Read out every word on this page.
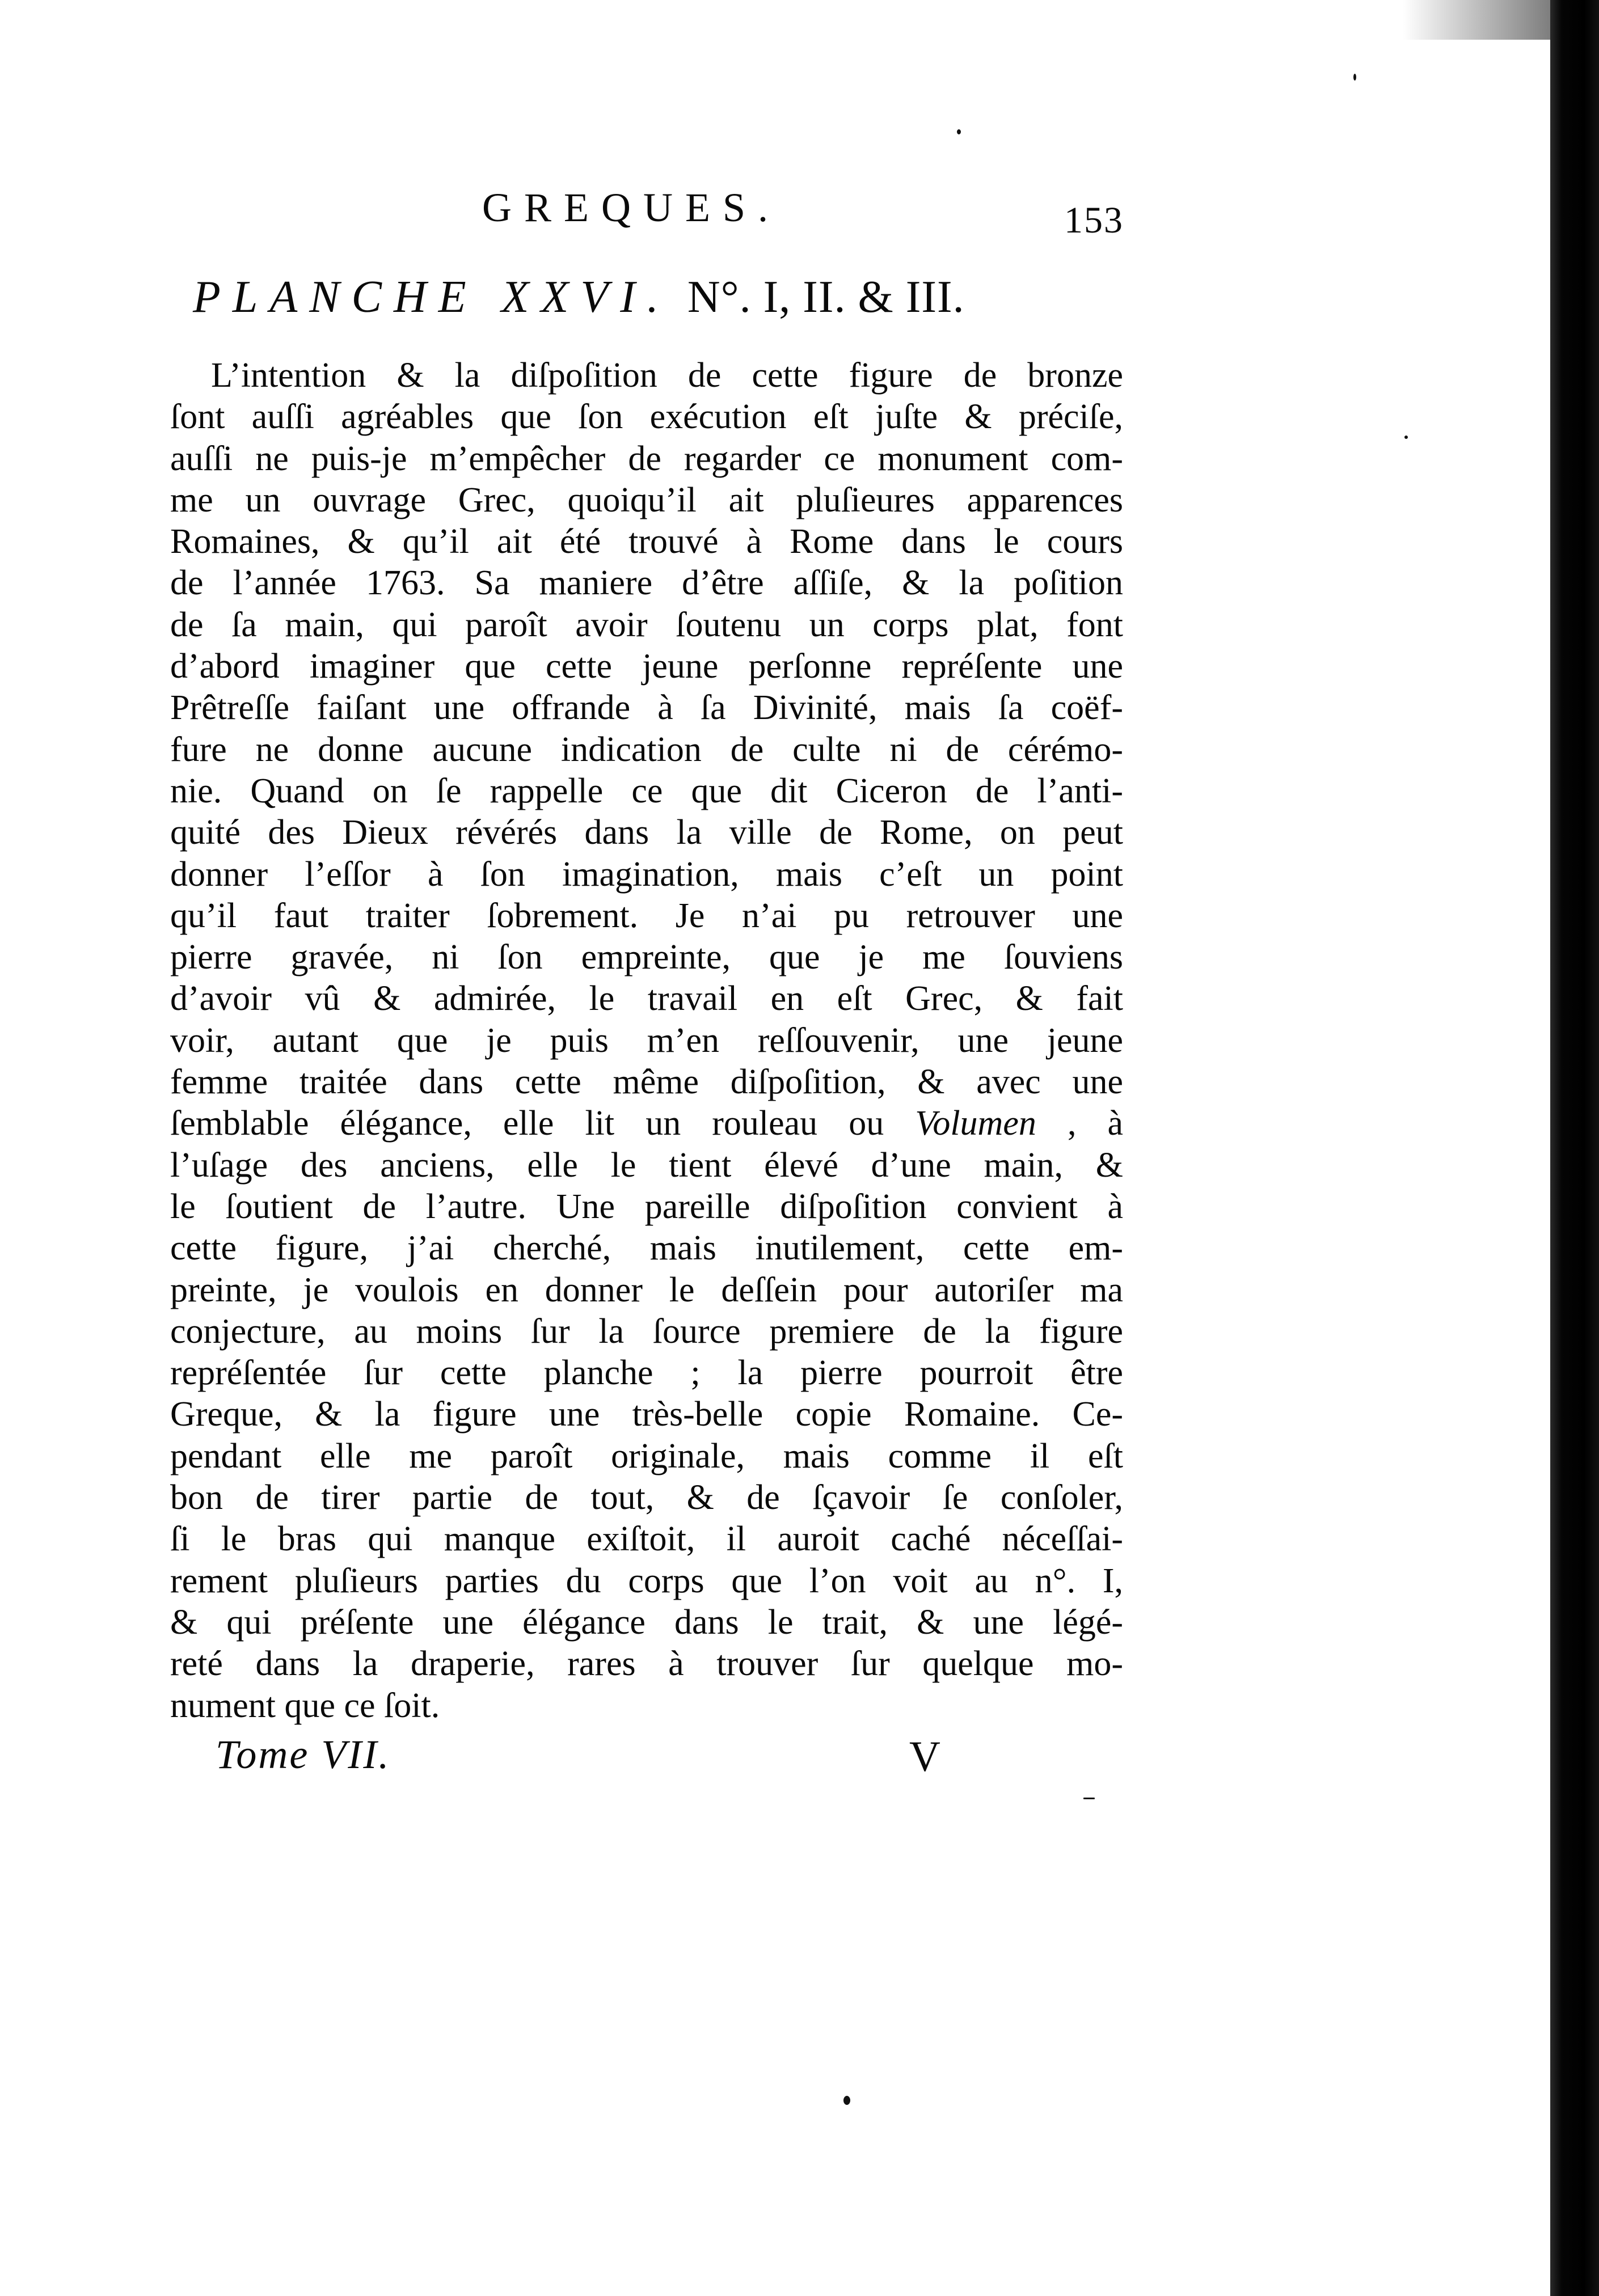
GREQUES.	153
PLANCHE XXVI. N°. I, II. & III.
L’intention & la diſpoſition de cette figure de bronze
ſont auſſi agréables que ſon exécution eſt juſte & préciſe,
auſſi ne puis-je m’empêcher de regarder ce monument com-
me un ouvrage Grec, quoiqu’il ait pluſieures apparences
Romaines, & qu’il ait été trouvé à Rome dans le cours
de l’année 1763. Sa maniere d’être aſſiſe, & la poſition
de ſa main, qui paroît avoir ſoutenu un corps plat, font
d’abord imaginer que cette jeune perſonne repréſente une
Prêtreſſe faiſant une offrande à ſa Divinité, mais ſa coëf-
fure ne donne aucune indication de culte ni de cérémo-
nie. Quand on ſe rappelle ce que dit Ciceron de l’anti-
quité des Dieux révérés dans la ville de Rome, on peut
donner l’eſſor à ſon imagination, mais c’eſt un point
qu’il faut traiter ſobrement. Je n’ai pu retrouver une
pierre gravée, ni ſon empreinte, que je me ſouviens
d’avoir vû & admirée, le travail en eſt Grec, & fait
voir, autant que je puis m’en reſſouvenir, une jeune
femme traitée dans cette même diſpoſition, & avec une
ſemblable élégance, elle lit un rouleau ou Volumen , à
l’uſage des anciens, elle le tient élevé d’une main, &
le ſoutient de l’autre. Une pareille diſpoſition convient à
cette figure, j’ai cherché, mais inutilement, cette em-
preinte, je voulois en donner le deſſein pour autoriſer ma
conjecture, au moins ſur la ſource premiere de la figure
repréſentée ſur cette planche ; la pierre pourroit être
Greque, & la figure une très-belle copie Romaine. Ce-
pendant elle me paroît originale, mais comme il eſt
bon de tirer partie de tout, & de ſçavoir ſe conſoler,
ſi le bras qui manque exiſtoit, il auroit caché néceſſai-
rement pluſieurs parties du corps que l’on voit au n°. I,
& qui préſente une élégance dans le trait, & une légé-
reté dans la draperie, rares à trouver ſur quelque mo-
nument que ce ſoit.
Tome VII.	V
